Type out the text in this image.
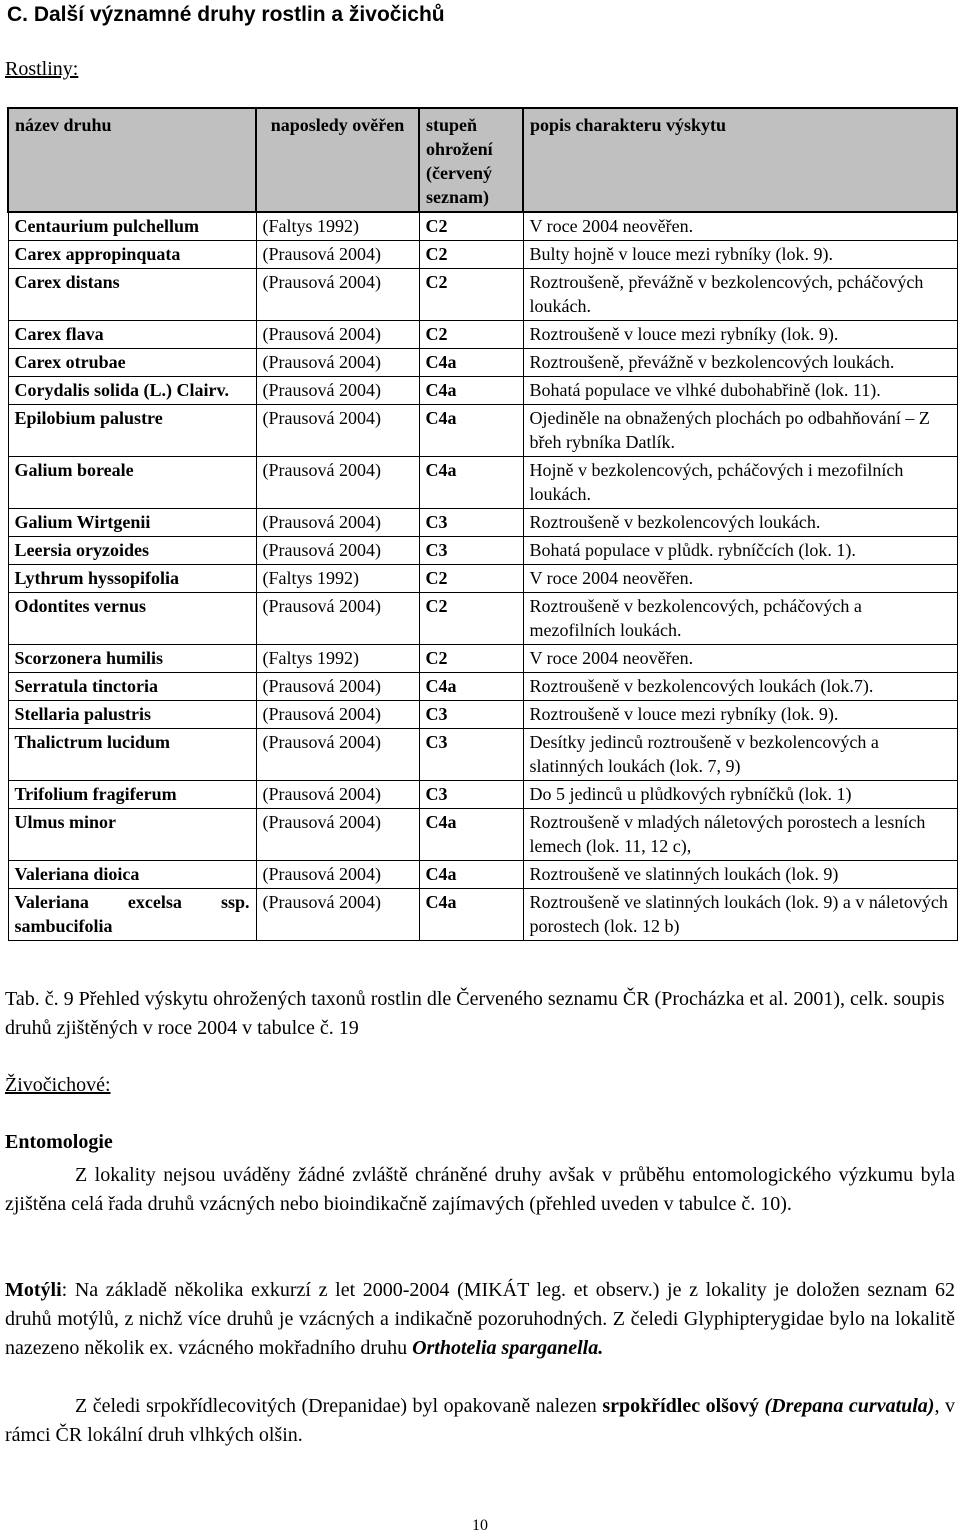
C. Další významné druhy rostlin a živočichů
Rostliny:
název druhu	naposledy ověřen	stupeň ohrožení (červený seznam)	popis charakteru výskytu
Centaurium pulchellum	(Faltys 1992)	C2	V roce 2004 neověřen.
Carex appropinquata	(Prausová 2004)	C2	Bulty hojně v louce mezi rybníky (lok. 9).
Carex distans	(Prausová 2004)	C2	Roztroušeně, převážně v bezkolencových, pcháčových loukách.
Carex flava	(Prausová 2004)	C2	Roztroušeně v louce mezi rybníky (lok. 9).
Carex otrubae	(Prausová 2004)	C4a	Roztroušeně, převážně v bezkolencových loukách.
Corydalis solida (L.) Clairv.	(Prausová 2004)	C4a	Bohatá populace ve vlhké dubohabřině (lok. 11).
Epilobium palustre	(Prausová 2004)	C4a	Ojediněle na obnažených plochách po odbahňování – Z břeh rybníka Datlík.
Galium boreale	(Prausová 2004)	C4a	Hojně v bezkolencových, pcháčových i mezofilních loukách.
Galium Wirtgenii	(Prausová 2004)	C3	Roztroušeně v bezkolencových loukách.
Leersia oryzoides	(Prausová 2004)	C3	Bohatá populace v plůdk. rybníčcích (lok. 1).
Lythrum hyssopifolia	(Faltys 1992)	C2	V roce 2004 neověřen.
Odontites vernus	(Prausová 2004)	C2	Roztroušeně v bezkolencových, pcháčových a mezofilních loukách.
Scorzonera humilis	(Faltys 1992)	C2	V roce 2004 neověřen.
Serratula tinctoria	(Prausová 2004)	C4a	Roztroušeně v bezkolencových loukách (lok.7).
Stellaria palustris	(Prausová 2004)	C3	Roztroušeně v louce mezi rybníky (lok. 9).
Thalictrum lucidum	(Prausová 2004)	C3	Desítky jedinců roztroušeně v bezkolencových a slatinných loukách (lok. 7, 9)
Trifolium fragiferum	(Prausová 2004)	C3	Do 5 jedinců u plůdkových rybníčků (lok. 1)
Ulmus minor	(Prausová 2004)	C4a	Roztroušeně v mladých náletových porostech a lesních lemech (lok. 11, 12 c),
Valeriana dioica	(Prausová 2004)	C4a	Roztroušeně ve slatinných loukách (lok. 9)
Valeriana excelsa ssp. sambucifolia	(Prausová 2004)	C4a	Roztroušeně ve slatinných loukách (lok. 9) a v náletových porostech (lok. 12 b)
Tab. č. 9 Přehled výskytu ohrožených taxonů rostlin dle Červeného seznamu ČR (Procházka et al. 2001), celk. soupis druhů zjištěných v roce 2004 v tabulce č. 19
Živočichové:
Entomologie
Z lokality nejsou uváděny žádné zvláště chráněné druhy avšak v průběhu entomologického výzkumu byla zjištěna celá řada druhů vzácných nebo bioindikačně zajímavých (přehled uveden v tabulce č. 10).
Motýli: Na základě několika exkurzí z let 2000-2004 (MIKÁT leg. et observ.) je z lokality je doložen seznam 62 druhů motýlů, z nichž více druhů je vzácných a indikačně pozoruhodných. Z čeledi Glyphipterygidae bylo na lokalitě nazezeno několik ex. vzácného mokřadního druhu Orthotelia sparganella.
Z čeledi srpokřídlecovitých (Drepanidae) byl opakovaně nalezen srpokřídlec olšový (Drepana curvatula), v rámci ČR lokální druh vlhkých olšin.
10
